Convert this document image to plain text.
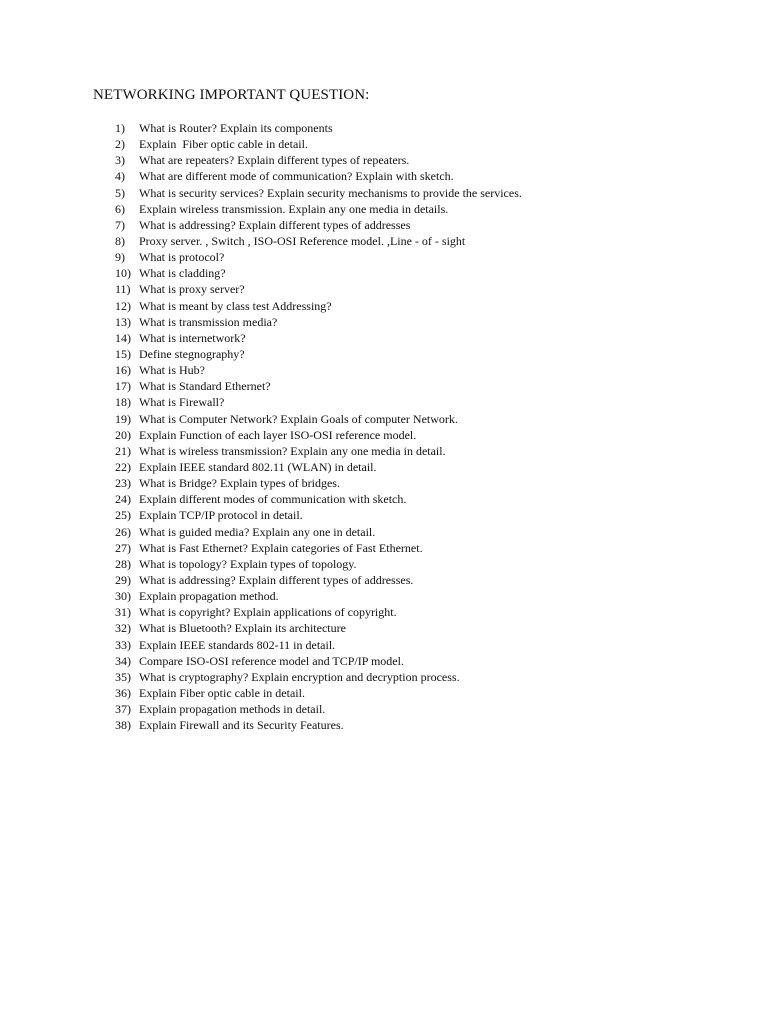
NETWORKING IMPORTANT QUESTION:
1) What is Router? Explain its components
2) Explain  Fiber optic cable in detail.
3) What are repeaters? Explain different types of repeaters.
4) What are different mode of communication? Explain with sketch.
5) What is security services? Explain security mechanisms to provide the services.
6) Explain wireless transmission. Explain any one media in details.
7) What is addressing? Explain different types of addresses
8) Proxy server. , Switch , ISO-OSI Reference model. ,Line - of - sight
9) What is protocol?
10) What is cladding?
11) What is proxy server?
12) What is meant by class test Addressing?
13) What is transmission media?
14) What is internetwork?
15) Define stegnography?
16) What is Hub?
17) What is Standard Ethernet?
18) What is Firewall?
19) What is Computer Network? Explain Goals of computer Network.
20) Explain Function of each layer ISO-OSI reference model.
21) What is wireless transmission? Explain any one media in detail.
22) Explain IEEE standard 802.11 (WLAN) in detail.
23) What is Bridge? Explain types of bridges.
24) Explain different modes of communication with sketch.
25) Explain TCP/IP protocol in detail.
26) What is guided media? Explain any one in detail.
27) What is Fast Ethernet? Explain categories of Fast Ethernet.
28) What is topology? Explain types of topology.
29) What is addressing? Explain different types of addresses.
30) Explain propagation method.
31) What is copyright? Explain applications of copyright.
32) What is Bluetooth? Explain its architecture
33) Explain IEEE standards 802-11 in detail.
34) Compare ISO-OSI reference model and TCP/IP model.
35) What is cryptography? Explain encryption and decryption process.
36) Explain Fiber optic cable in detail.
37) Explain propagation methods in detail.
38) Explain Firewall and its Security Features.
